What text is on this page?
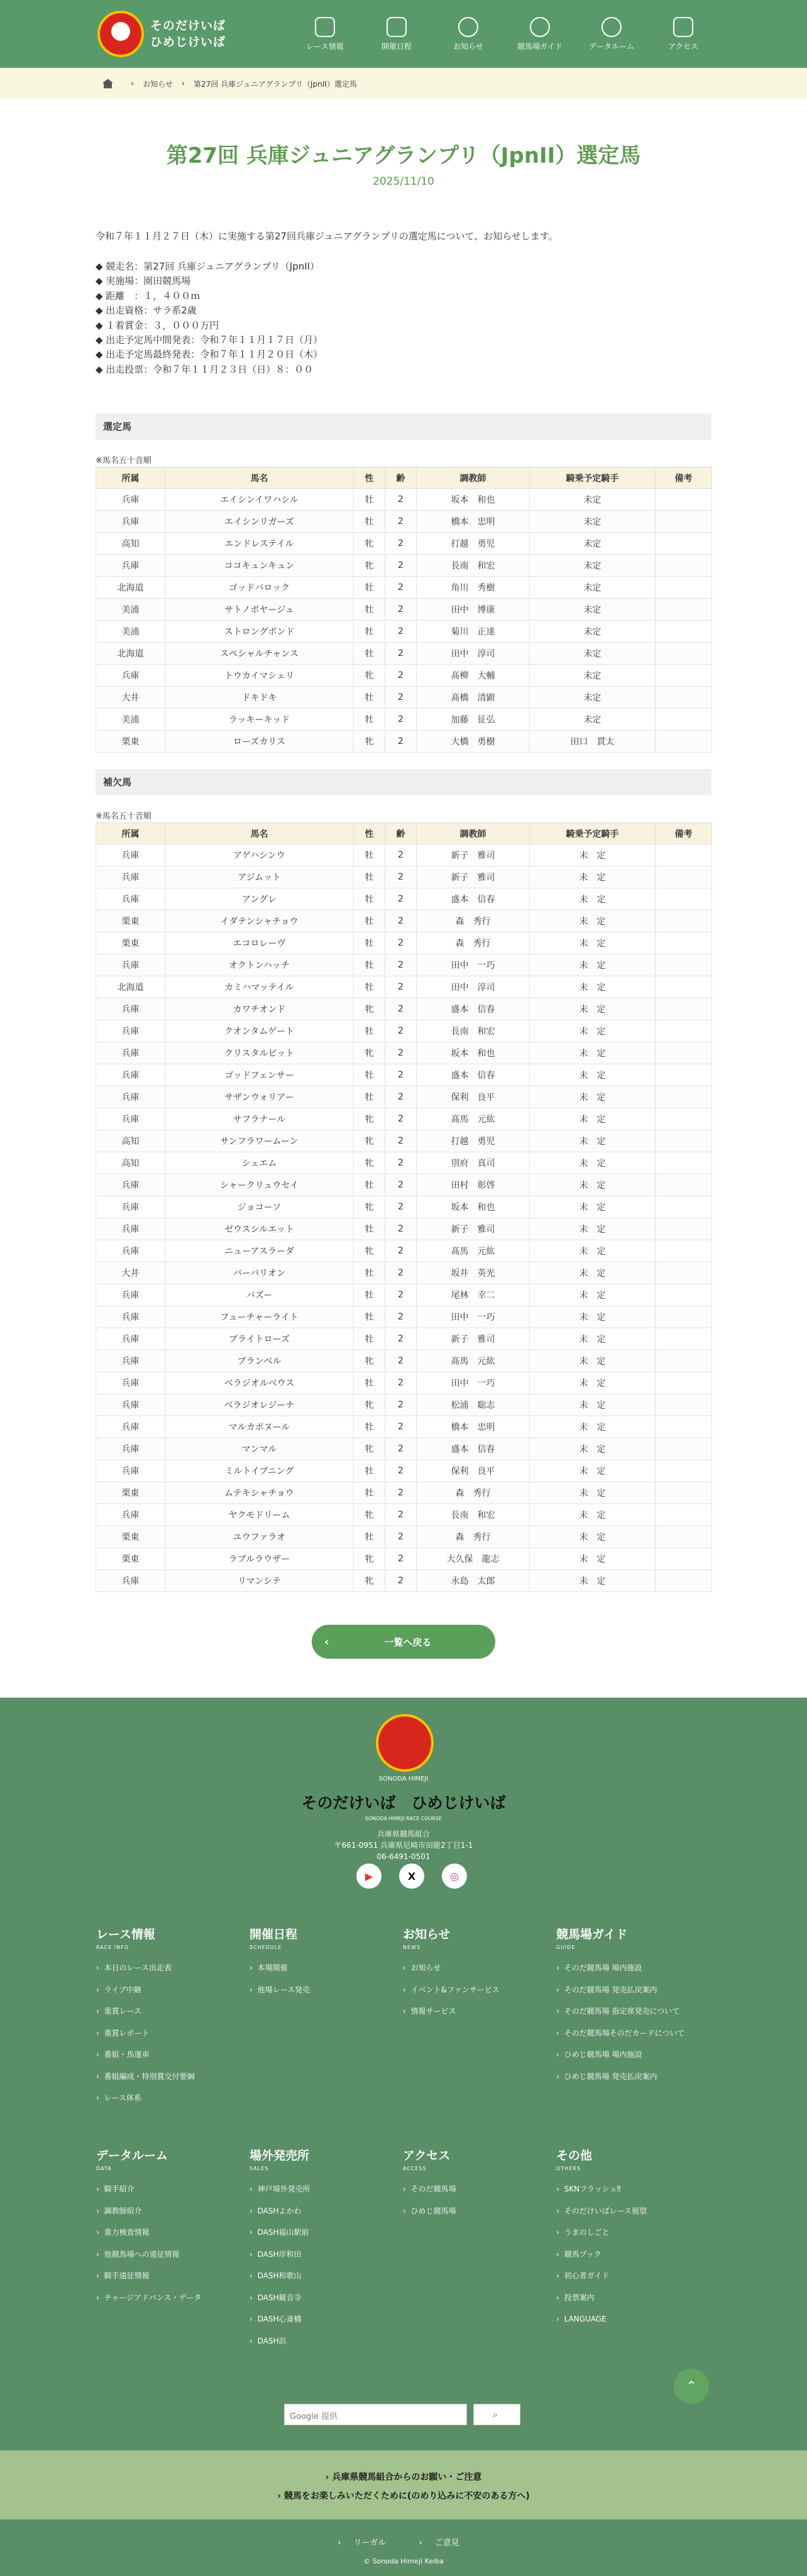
そのだけいば
ひめじけいば	レース情報	開催日程	お知らせ	競馬場ガイド	データルーム	アクセス
› お知らせ › 第27回 兵庫ジュニアグランプリ（JpnII）選定馬
第27回 兵庫ジュニアグランプリ（JpnII）選定馬
2025/11/10

令和７年１１月２７日（木）に実施する第27回兵庫ジュニアグランプリの選定馬について、お知らせします。

◆ 競走名：第27回 兵庫ジュニアグランプリ（JpnII）
◆ 実施場：園田競馬場
◆ 距離　：１，４００ｍ
◆ 出走資格：サラ系2歳
◆ １着賞金：３，０００万円
◆ 出走予定馬中間発表：令和７年１１月１７日（月）
◆ 出走予定馬最終発表：令和７年１１月２０日（木）
◆ 出走投票：令和７年１１月２３日（日）８：００
選定馬
※馬名五十音順
所属	馬名	性	齢	調教師	騎乗予定騎手	備考
兵庫	エイシンイワハシル	牡	2	坂本　和也	未定	
兵庫	エイシンリガーズ	牡	2	橋本　忠明	未定	
高知	エンドレステイル	牝	2	打越　勇児	未定	
兵庫	ココキュンキュン	牝	2	長南　和宏	未定	
北海道	ゴッドバロック	牡	2	角川　秀樹	未定	
美浦	サトノボヤージュ	牡	2	田中　博康	未定	
美浦	ストロングボンド	牡	2	菊川　正達	未定	
北海道	スペシャルチャンス	牡	2	田中　淳司	未定	
兵庫	トウカイマシェリ	牝	2	髙柳　大輔	未定	
大井	ドキドキ	牡	2	髙橋　清顕	未定	
美浦	ラッキーキッド	牡	2	加藤　征弘	未定	
栗東	ローズカリス	牝	2	大橋　勇樹	田口　貫太	
補欠馬
※馬名五十音順
所属	馬名	性	齢	調教師	騎乗予定騎手	備考
兵庫	アゲハシンウ	牡	2	新子　雅司	未　定	
兵庫	アジムット	牡	2	新子　雅司	未　定	
兵庫	アングレ	牡	2	盛本　信春	未　定	
栗東	イダテンシャチョウ	牡	2	森　秀行	未　定	
栗東	エコロレーヴ	牡	2	森　秀行	未　定	
兵庫	オクトンハッチ	牡	2	田中　一巧	未　定	
北海道	カミハマッテイル	牡	2	田中　淳司	未　定	
兵庫	カワチオンド	牝	2	盛本　信春	未　定	
兵庫	クオンタムゲート	牡	2	長南　和宏	未　定	
兵庫	クリスタルビット	牝	2	坂本　和也	未　定	
兵庫	ゴッドフェンサー	牡	2	盛本　信春	未　定	
兵庫	サザンウォリアー	牡	2	保利　良平	未　定	
兵庫	サフラナール	牝	2	髙馬　元紘	未　定	
高知	サンフラワームーン	牝	2	打越　勇児	未　定	
高知	シェエム	牝	2	別府　真司	未　定	
兵庫	シャークリュウセイ	牡	2	田村　彰啓	未　定	
兵庫	ジョコーソ	牝	2	坂本　和也	未　定	
兵庫	ゼウスシルエット	牡	2	新子　雅司	未　定	
兵庫	ニューアスラーダ	牝	2	髙馬　元紘	未　定	
大井	バーバリオン	牡	2	坂井　英光	未　定	
兵庫	バズー	牡	2	尾林　幸二	未　定	
兵庫	フューチャーライト	牡	2	田中　一巧	未　定	
兵庫	ブライトローズ	牡	2	新子　雅司	未　定	
兵庫	ブランベル	牝	2	髙馬　元紘	未　定	
兵庫	ベラジオルベウス	牡	2	田中　一巧	未　定	
兵庫	ベラジオレジーナ	牝	2	松浦　聡志	未　定	
兵庫	マルカボヌール	牡	2	橋本　忠明	未　定	
兵庫	マンマル	牝	2	盛本　信春	未　定	
兵庫	ミルトイブニング	牡	2	保利　良平	未　定	
栗東	ムテキシャチョウ	牡	2	森　秀行	未　定	
兵庫	ヤクモドリーム	牝	2	長南　和宏	未　定	
栗東	ユウファラオ	牡	2	森　秀行	未　定	
栗東	ラブルラウザー	牝	2	大久保　龍志	未　定	
兵庫	リマンシテ	牝	2	永島　太郎	未　定	
‹	一覧へ戻る
SONODA HIMEJI
そのだけいば　ひめじけいば
SONODA HIMEJI RACE COURSE
兵庫県競馬組合
〒661-0951 兵庫県尼崎市田能2丁目1-1
06-6491-0501
▶	X	◎
レース情報
RACE INFO
› 本日のレース出走表
› ライブ中継
› 重賞レース
› 重賞レポート
› 番組・馬運車
› 番組編成・特別賞交付要綱
› レース体系
開催日程
SCHEDULE
› 本場開催
› 他場レース発売
お知らせ
NEWS
› お知らせ
› イベント&ファンサービス
› 情報サービス
競馬場ガイド
GUIDE
› そのだ競馬場 場内施設
› そのだ競馬場 発売払戻案内
› そのだ競馬場 指定席発売について
› そのだ競馬場そのだカードについて
› ひめじ競馬場 場内施設
› ひめじ競馬場 発売払戻案内
データルーム
DATA
› 騎手紹介
› 調教師紹介
› 重力検査情報
› 他競馬場への遠征情報
› 騎手遠征情報
› チャージアドバンス・データ
場外発売所
SALES
› 神戸場外発売所
› DASHよかわ
› DASH福山駅前
› DASH岸和田
› DASH和歌山
› DASH観音寺
› DASH心斎橋
› DASH浜
アクセス
ACCESS
› そのだ競馬場
› ひめじ競馬場
その他
OTHERS
› SKNフラッシュ‼
› そのだけいばレース展望
› うまのしごと
› 競馬ブック
› 初心者ガイド
› 投票案内
› LANGUAGE
⌃
Google 提供	⌕
› 兵庫県競馬組合からのお願い・ご注意
› 競馬をお楽しみいただくために(のめり込みに不安のある方へ)
› リーガル	› ご意見
© Sonoda Himeji Keiba
